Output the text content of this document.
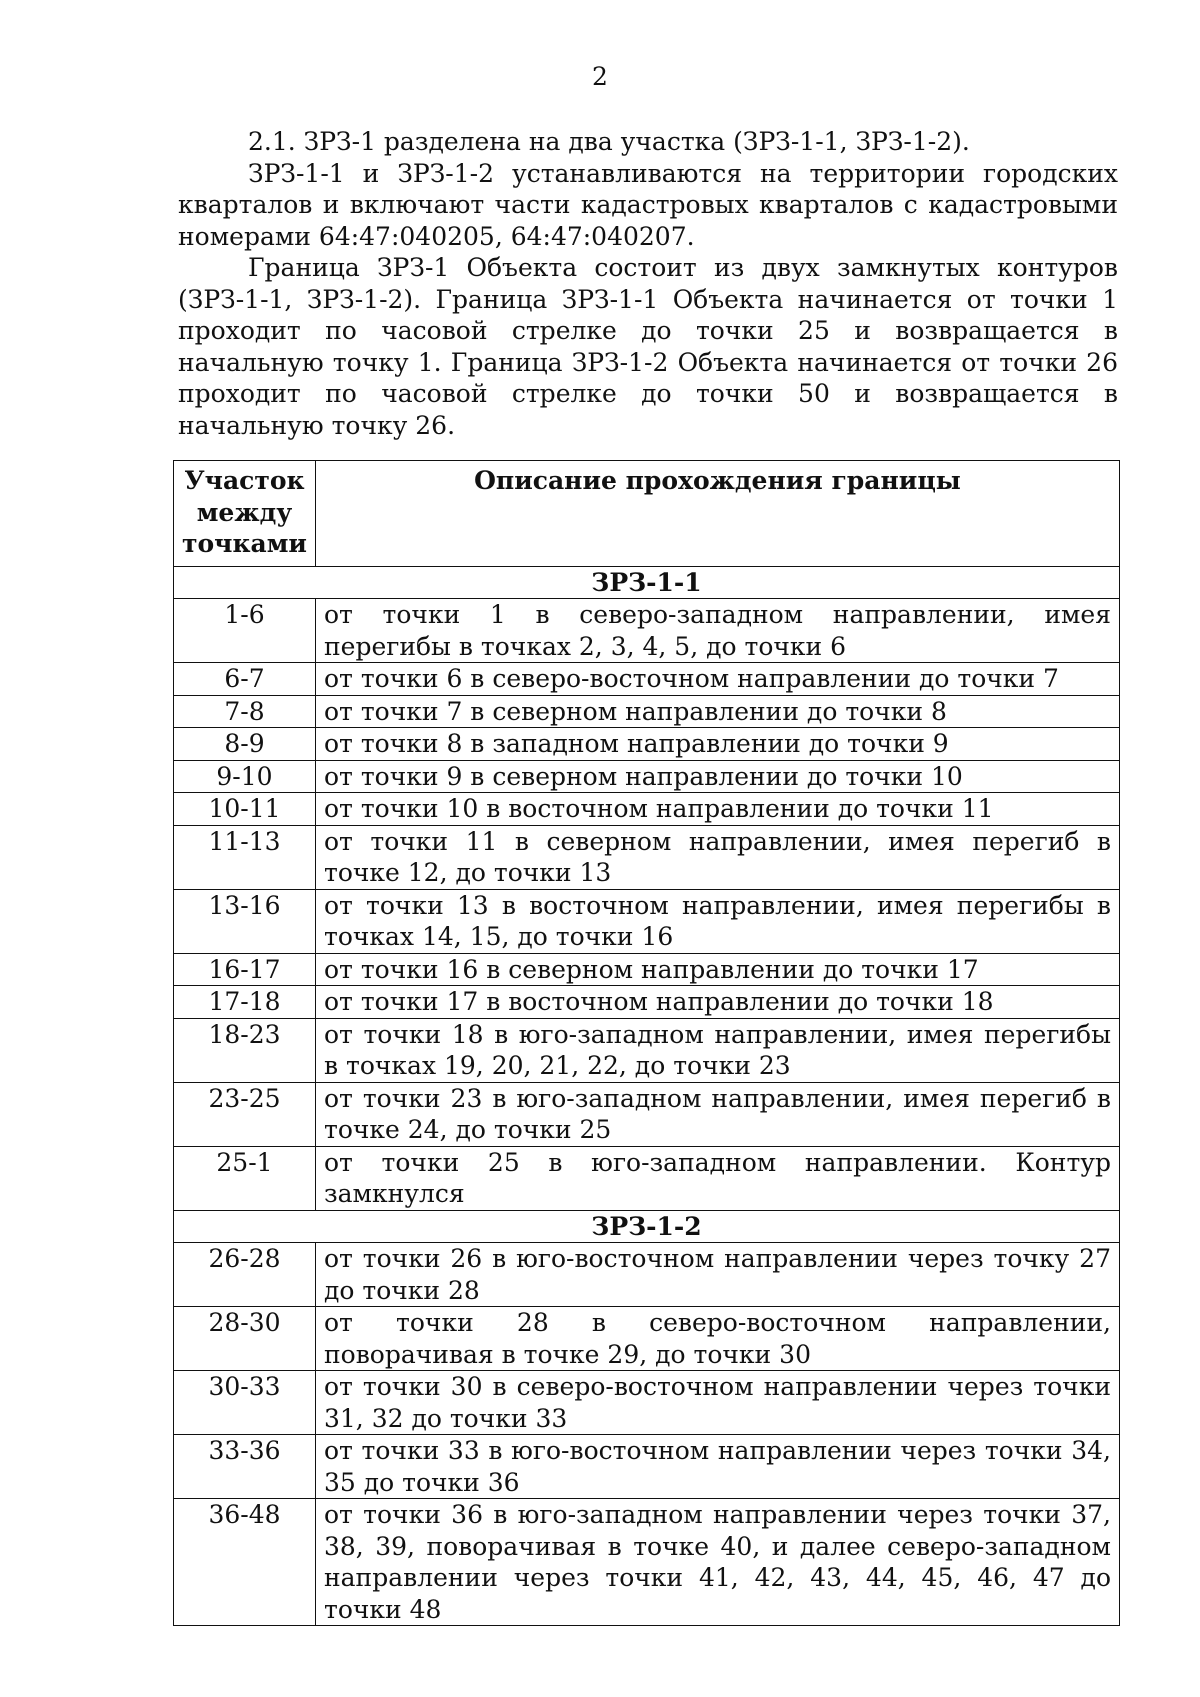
2

2.1. ЗРЗ-1 разделена на два участка (ЗРЗ-1-1, ЗРЗ-1-2).

ЗРЗ-1-1 и ЗРЗ-1-2 устанавливаются на территории городских кварталов и включают части кадастровых кварталов с кадастровыми номерами 64:47:040205, 64:47:040207.

Граница ЗРЗ-1 Объекта состоит из двух замкнутых контуров (ЗРЗ-1-1, ЗРЗ-1-2). Граница ЗРЗ-1-1 Объекта начинается от точки 1 проходит по часовой стрелке до точки 25 и возвращается в начальную точку 1. Граница ЗРЗ-1-2 Объекта начинается от точки 26 проходит по часовой стрелке до точки 50 и возвращается в начальную точку 26.

Участок между точками	Описание прохождения границы
ЗРЗ-1-1	
1-6	от точки 1 в северо-западном направлении, имея перегибы в точках 2, 3, 4, 5, до точки 6
6-7	от точки 6 в северо-восточном направлении до точки 7
7-8	от точки 7 в северном направлении до точки 8
8-9	от точки 8 в западном направлении до точки 9
9-10	от точки 9 в северном направлении до точки 10
10-11	от точки 10 в восточном направлении до точки 11
11-13	от точки 11 в северном направлении, имея перегиб в точке 12, до точки 13
13-16	от точки 13 в восточном направлении, имея перегибы в точках 14, 15, до точки 16
16-17	от точки 16 в северном направлении до точки 17
17-18	от точки 17 в восточном направлении до точки 18
18-23	от точки 18 в юго-западном направлении, имея перегибы в точках 19, 20, 21, 22, до точки 23
23-25	от точки 23 в юго-западном направлении, имея перегиб в точке 24, до точки 25
25-1	от точки 25 в юго-западном направлении. Контур замкнулся
ЗРЗ-1-2	
26-28	от точки 26 в юго-восточном направлении через точку 27 до точки 28
28-30	от точки 28 в северо-восточном направлении, поворачивая в точке 29, до точки 30
30-33	от точки 30 в северо-восточном направлении через точки 31, 32 до точки 33
33-36	от точки 33 в юго-восточном направлении через точки 34, 35 до точки 36
36-48	от точки 36 в юго-западном направлении через точки 37, 38, 39, поворачивая в точке 40, и далее северо-западном направлении через точки 41, 42, 43, 44, 45, 46, 47 до точки 48
